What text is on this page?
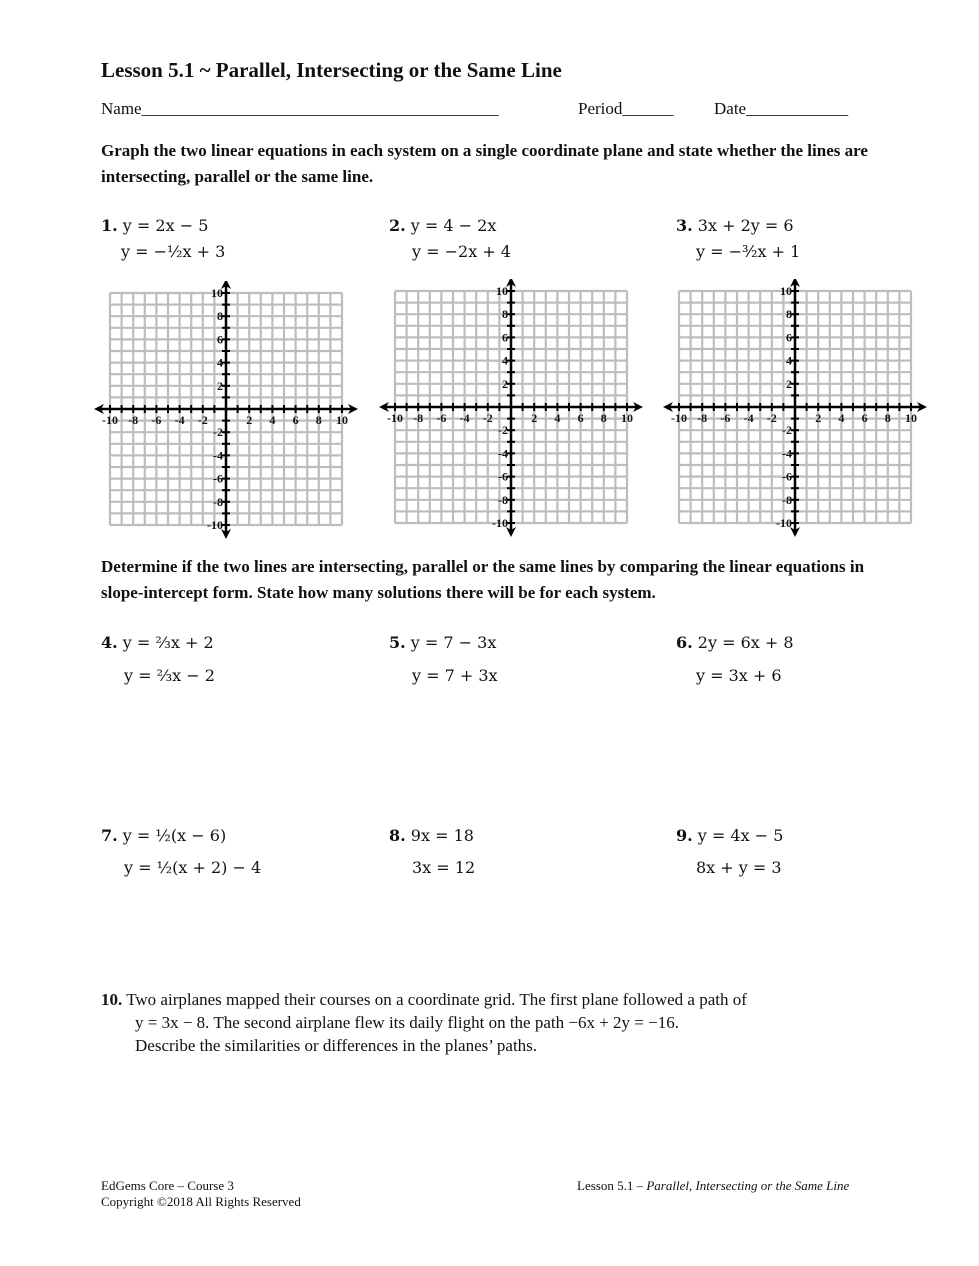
Lesson 5.1 ~ Parallel, Intersecting or the Same Line
Name__________________________________________	Period______ Date____________
Graph the two linear equations in each system on a single coordinate plane and state whether the lines are intersecting, parallel or the same line.
1. y = 2x − 5
y = −½x + 3
2. y = 4 − 2x
y = −2x + 4
3. 3x + 2y = 6
y = −³⁄₂x + 1
-10
-10
-8
-8
-6
-6
-4
-4
-2
-2
2
2
4
4
6
6
8
8
10
10
-10
-10
-8
-8
-6
-6
-4
-4
-2
-2
2
2
4
4
6
6
8
8
10
10
-10
-10
-8
-8
-6
-6
-4
-4
-2
-2
2
2
4
4
6
6
8
8
10
10
Determine if the two lines are intersecting, parallel or the same lines by comparing the linear equations in slope-intercept form. State how many solutions there will be for each system.
4. y = ⅔x + 2
y = ⅔x − 2
5. y = 7 − 3x
y = 7 + 3x
6. 2y = 6x + 8
y = 3x + 6
7. y = ½(x − 6)
y = ½(x + 2) − 4
8. 9x = 18
3x = 12
9. y = 4x − 5
8x + y = 3
10. Two airplanes mapped their courses on a coordinate grid. The first plane followed a path of
y = 3x − 8. The second airplane flew its daily flight on the path −6x + 2y = −16.
Describe the similarities or differences in the planes’ paths.
EdGems Core – Course 3
Copyright ©2018 All Rights Reserved
Lesson 5.1 – Parallel, Intersecting or the Same Line
